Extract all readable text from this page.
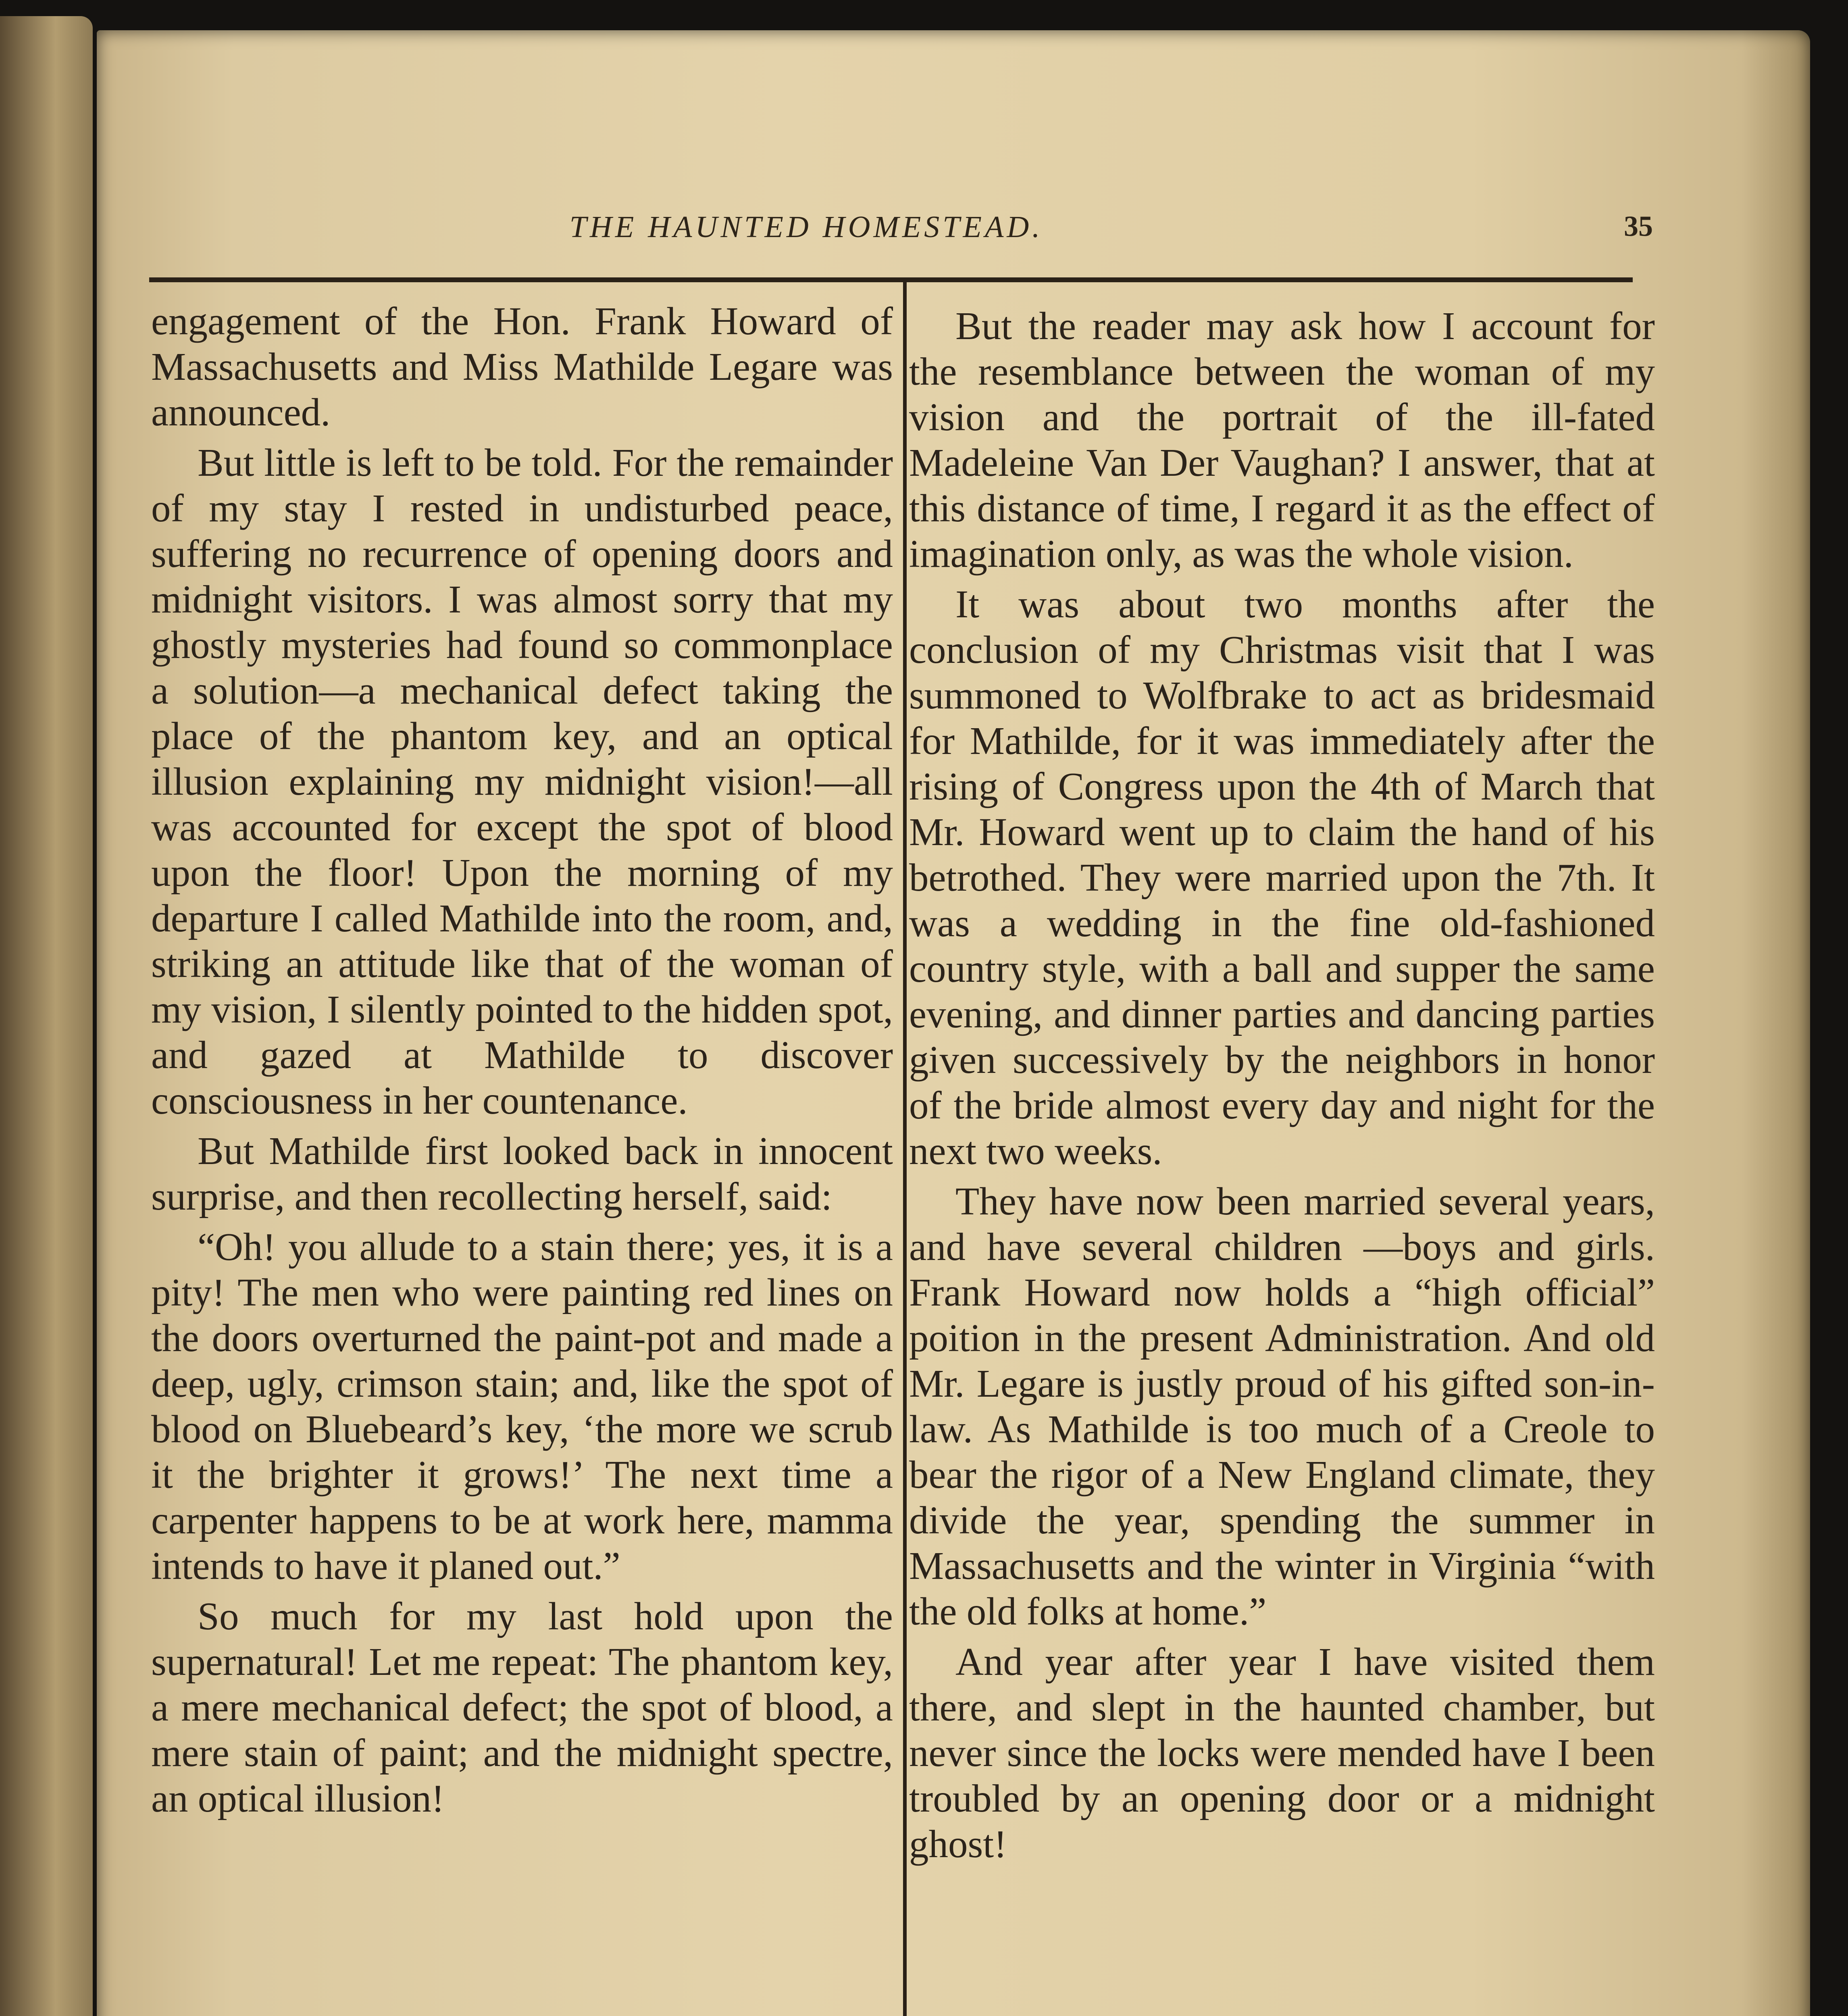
THE HAUNTED HOMESTEAD.	35

engagement of the Hon. Frank Howard of Massachusetts and Miss Mathilde Legare was announced.

But little is left to be told. For the remainder of my stay I rested in undisturbed peace, suffering no recurrence of opening doors and midnight visitors. I was almost sorry that my ghostly mysteries had found so commonplace a solution—a mechanical defect taking the place of the phantom key, and an optical illusion explaining my midnight vision!—all was accounted for except the spot of blood upon the floor! Upon the morning of my departure I called Mathilde into the room, and, striking an attitude like that of the woman of my vision, I silently pointed to the hidden spot, and gazed at Mathilde to discover consciousness in her countenance.

But Mathilde first looked back in innocent surprise, and then recollecting herself, said:

“Oh! you allude to a stain there; yes, it is a pity! The men who were painting red lines on the doors overturned the paint-pot and made a deep, ugly, crimson stain; and, like the spot of blood on Bluebeard’s key, ‘the more we scrub it the brighter it grows!’ The next time a carpenter happens to be at work here, mamma intends to have it planed out.”

So much for my last hold upon the supernatural! Let me repeat: The phantom key, a mere mechanical defect; the spot of blood, a mere stain of paint; and the midnight spectre, an optical illusion!

But the reader may ask how I account for the resemblance between the woman of my vision and the portrait of the ill-fated Madeleine Van Der Vaughan? I answer, that at this distance of time, I regard it as the effect of imagination only, as was the whole vision.

It was about two months after the conclusion of my Christmas visit that I was summoned to Wolfbrake to act as bridesmaid for Mathilde, for it was immediately after the rising of Congress upon the 4th of March that Mr. Howard went up to claim the hand of his betrothed. They were married upon the 7th. It was a wedding in the fine old-fashioned country style, with a ball and supper the same evening, and dinner parties and dancing parties given successively by the neighbors in honor of the bride almost every day and night for the next two weeks.

They have now been married several years, and have several children —boys and girls. Frank Howard now holds a “high official” poition in the present Administration. And old Mr. Legare is justly proud of his gifted son-in-law. As Mathilde is too much of a Creole to bear the rigor of a New England climate, they divide the year, spending the summer in Massachusetts and the winter in Virginia “with the old folks at home.”

And year after year I have visited them there, and slept in the haunted chamber, but never since the locks were mended have I been troubled by an opening door or a midnight ghost!
